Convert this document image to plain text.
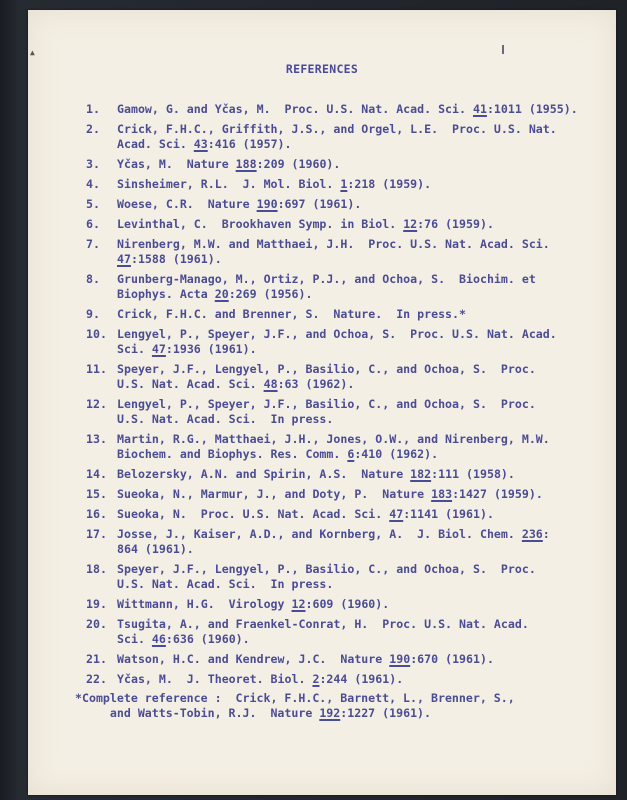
▲
REFERENCES
1.	Gamow, G. and Yčas, M.  Proc. U.S. Nat. Acad. Sci. 41:1011 (1955).
2.	Crick, F.H.C., Griffith, J.S., and Orgel, L.E.  Proc. U.S. Nat.
Acad. Sci. 43:416 (1957).
3.	Yčas, M.  Nature 188:209 (1960).
4.	Sinsheimer, R.L.  J. Mol. Biol. 1:218 (1959).
5.	Woese, C.R.  Nature 190:697 (1961).
6.	Levinthal, C.  Brookhaven Symp. in Biol. 12:76 (1959).
7.	Nirenberg, M.W. and Matthaei, J.H.  Proc. U.S. Nat. Acad. Sci.
47:1588 (1961).
8.	Grunberg-Manago, M., Ortiz, P.J., and Ochoa, S.  Biochim. et
Biophys. Acta 20:269 (1956).
9.	Crick, F.H.C. and Brenner, S.  Nature.  In press.*
10. Lengyel, P., Speyer, J.F., and Ochoa, S.  Proc. U.S. Nat. Acad.
Sci. 47:1936 (1961).
11. Speyer, J.F., Lengyel, P., Basilio, C., and Ochoa, S.  Proc.
U.S. Nat. Acad. Sci. 48:63 (1962).
12. Lengyel, P., Speyer, J.F., Basilio, C., and Ochoa, S.  Proc.
U.S. Nat. Acad. Sci.  In press.
13. Martin, R.G., Matthaei, J.H., Jones, O.W., and Nirenberg, M.W.
Biochem. and Biophys. Res. Comm. 6:410 (1962).
14. Belozersky, A.N. and Spirin, A.S.  Nature 182:111 (1958).
15. Sueoka, N., Marmur, J., and Doty, P.  Nature 183:1427 (1959).
16. Sueoka, N.  Proc. U.S. Nat. Acad. Sci. 47:1141 (1961).
17. Josse, J., Kaiser, A.D., and Kornberg, A.  J. Biol. Chem. 236:
864 (1961).
18. Speyer, J.F., Lengyel, P., Basilio, C., and Ochoa, S.  Proc.
U.S. Nat. Acad. Sci.  In press.
19. Wittmann, H.G.  Virology 12:609 (1960).
20. Tsugita, A., and Fraenkel-Conrat, H.  Proc. U.S. Nat. Acad.
Sci. 46:636 (1960).
21. Watson, H.C. and Kendrew, J.C.  Nature 190:670 (1961).
22. Yčas, M.  J. Theoret. Biol. 2:244 (1961).
*Complete reference :  Crick, F.H.C., Barnett, L., Brenner, S.,
and Watts-Tobin, R.J.  Nature 192:1227 (1961).
